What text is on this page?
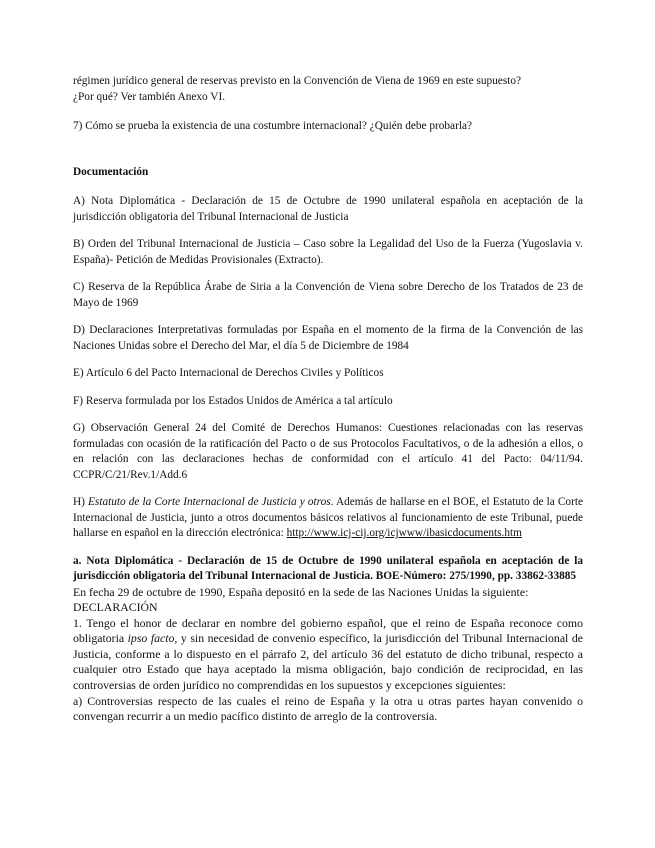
régimen jurídico general de reservas previsto en la Convención de Viena de 1969 en este supuesto?
¿Por qué? Ver también Anexo VI.

7) Cómo se prueba la existencia de una costumbre internacional? ¿Quién debe probarla?

Documentación

A) Nota Diplomática - Declaración de 15 de Octubre de 1990 unilateral española en aceptación de la jurisdicción obligatoria del Tribunal Internacional de Justicia

B) Orden del Tribunal Internacional de Justicia – Caso sobre la Legalidad del Uso de la Fuerza (Yugoslavia v. España)- Petición de Medidas Provisionales (Extracto).

C) Reserva de la República Árabe de Siria a la Convención de Viena sobre Derecho de los Tratados de 23 de Mayo de 1969

D) Declaraciones Interpretativas formuladas por España en el momento de la firma de la Convención de las Naciones Unidas sobre el Derecho del Mar, el día 5 de Diciembre de 1984

E) Artículo 6 del Pacto Internacional de Derechos Civiles y Políticos

F) Reserva formulada por los Estados Unidos de América a tal artículo

G) Observación General 24 del Comité de Derechos Humanos: Cuestiones relacionadas con las reservas formuladas con ocasión de la ratificación del Pacto o de sus Protocolos Facultativos, o de la adhesión a ellos, o en relación con las declaraciones hechas de conformidad con el artículo 41 del Pacto: 04/11/94. CCPR/C/21/Rev.1/Add.6

H) Estatuto de la Corte Internacional de Justicia y otros. Además de hallarse en el BOE, el Estatuto de la Corte Internacional de Justicia, junto a otros documentos básicos relativos al funcionamiento de este Tribunal, puede hallarse en español en la dirección electrónica: http://www.icj-cij.org/icjwww/ibasicdocuments.htm

a. Nota Diplomática - Declaración de 15 de Octubre de 1990 unilateral española en aceptación de la jurisdicción obligatoria del Tribunal Internacional de Justicia. BOE-Número: 275/1990, pp. 33862-33885

En fecha 29 de octubre de 1990, España depositó en la sede de las Naciones Unidas la siguiente:

DECLARACIÓN

1. Tengo el honor de declarar en nombre del gobierno español, que el reino de España reconoce como obligatoria ipso facto, y sin necesidad de convenio específico, la jurisdicción del Tribunal Internacional de Justicia, conforme a lo dispuesto en el párrafo 2, del artículo 36 del estatuto de dicho tribunal, respecto a cualquier otro Estado que haya aceptado la misma obligación, bajo condición de reciprocidad, en las controversias de orden jurídico no comprendidas en los supuestos y excepciones siguientes:

a) Controversias respecto de las cuales el reino de España y la otra u otras partes hayan convenido o convengan recurrir a un medio pacífico distinto de arreglo de la controversia.
